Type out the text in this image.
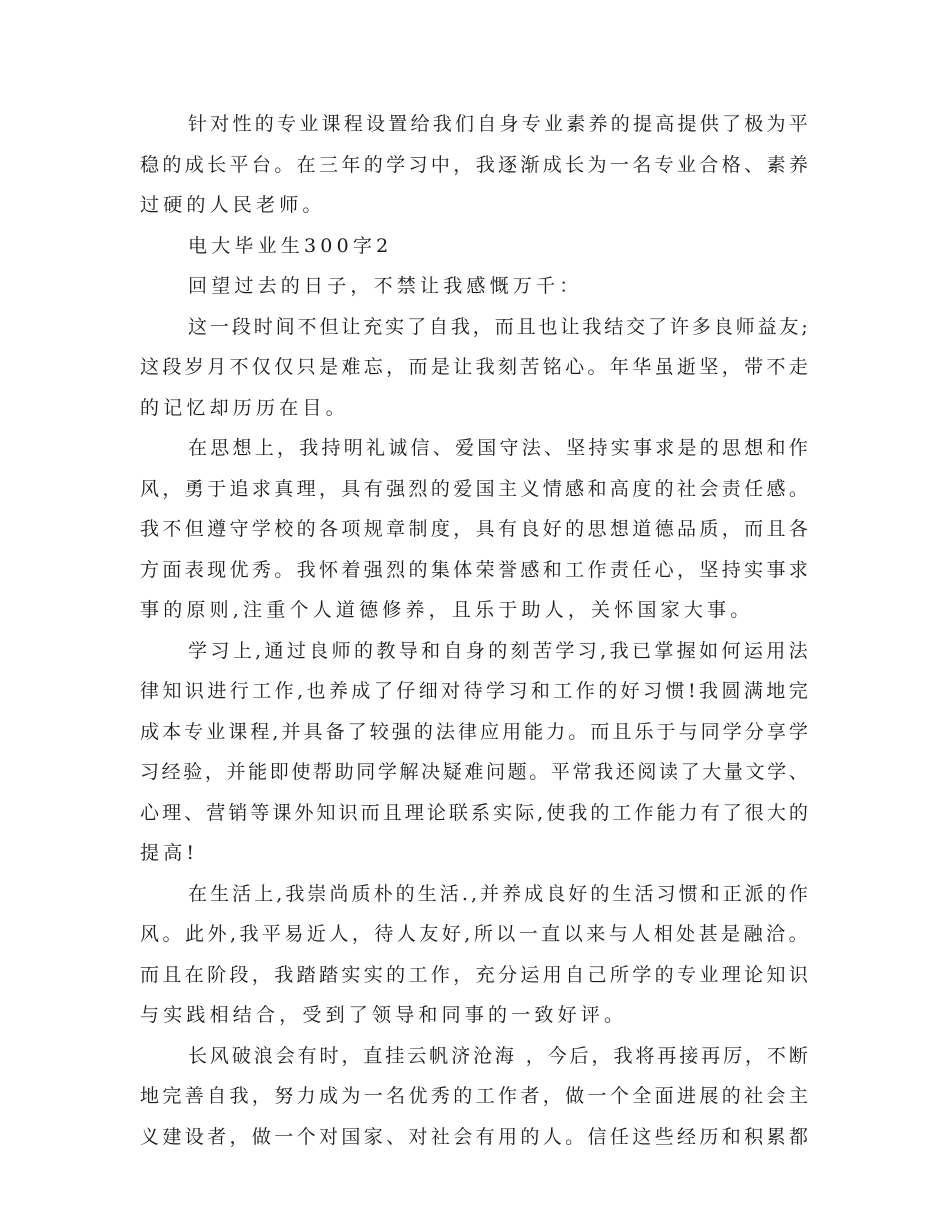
针 对 性 的 专 业 课 程 设 置 给 我 们 自 身 专 业 素 养 的 提 高 提 供 了 极 为 平
稳 的 成 长 平 台 。 在 三 年 的 学 习 中 ， 我 逐 渐 成 长 为 一 名 专 业 合 格 、 素 养
过硬的人民老师。
电大毕业生300字2
回望过去的日子，不禁让我感慨万千：
这 一 段 时 间 不 但 让 充 实 了 自 我 ， 而 且 也 让 我 结 交 了 许 多 良 师 益 友 ;
这 段 岁 月 不 仅 仅 只 是 难 忘 ， 而 是 让 我 刻 苦 铭 心 。 年 华 虽 逝 坚 ， 带 不 走
的记忆却历历在目。
在 思 想 上 ， 我 持 明 礼 诚 信 、 爱 国 守 法 、 坚 持 实 事 求 是 的 思 想 和 作
风 ， 勇 于 追 求 真 理 ， 具 有 强 烈 的 爱 国 主 义 情 感 和 高 度 的 社 会 责 任 感 。
我 不 但 遵 守 学 校 的 各 项 规 章 制 度 ， 具 有 良 好 的 思 想 道 德 品 质 ， 而 且 各
方 面 表 现 优 秀 。 我 怀 着 强 烈 的 集 体 荣 誉 感 和 工 作 责 任 心 ， 坚 持 实 事 求
事的原则,注重个人道德修养，且乐于助人，关怀国家大事。
学 习 上 , 通 过 良 师 的 教 导 和 自 身 的 刻 苦 学 习 , 我 已 掌 握 如 何 运 用 法
律 知 识 进 行 工 作 , 也 养 成 了 仔 细 对 待 学 习 和 工 作 的 好 习 惯 ! 我 圆 满 地 完
成 本 专 业 课 程 , 并 具 备 了 较 强 的 法 律 应 用 能 力 。 而 且 乐 于 与 同 学 分 享 学
习 经 验 ， 并 能 即 使 帮 助 同 学 解 决 疑 难 问 题 。 平 常 我 还 阅 读 了 大 量 文 学 、
心 理 、 营 销 等 课 外 知 识 而 且 理 论 联 系 实 际 , 使 我 的 工 作 能 力 有 了 很 大 的
提高!
在 生 活 上 , 我 崇 尚 质 朴 的 生 活 . , 并 养 成 良 好 的 生 活 习 惯 和 正 派 的 作
风 。 此 外 , 我 平 易 近 人 ， 待 人 友 好 , 所 以 一 直 以 来 与 人 相 处 甚 是 融 洽 。
而 且 在 阶 段 ， 我 踏 踏 实 实 的 工 作 ， 充 分 运 用 自 己 所 学 的 专 业 理 论 知 识
与实践相结合，受到了领导和同事的一致好评。
长 风 破 浪 会 有 时 ， 直 挂 云 帆 济 沧 海
， 今 后 ， 我 将 再 接 再 厉 ， 不 断
地 完 善 自 我 ， 努 力 成 为 一 名 优 秀 的 工 作 者 ， 做 一 个 全 面 进 展 的 社 会 主
义 建 设 者 ， 做 一 个 对 国 家 、 对 社 会 有 用 的 人 。 信 任 这 些 经 历 和 积 累 都
